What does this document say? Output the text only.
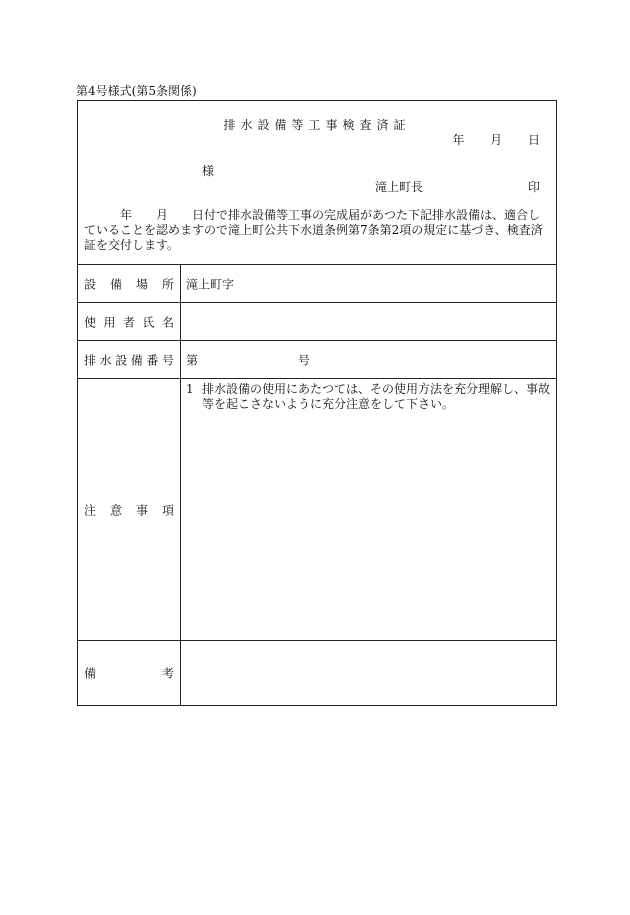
第4号様式(第5条関係)
排水設備等工事検査済証
年 月 日
様
滝上町長	印
　　　年　　月　　日付で排水設備等工事の完成届があつた下記排水設備は、適合していることを認めますので滝上町公共下水道条例第7条第2項の規定に基づき、検査済証を交付します。
設備場所 滝上町字
使用者氏名
排水設備番号 第 号
注意事項
1 排水設備の使用にあたつては、その使用方法を充分理解し、事故
等を起こさないように充分注意をして下さい。
備考
